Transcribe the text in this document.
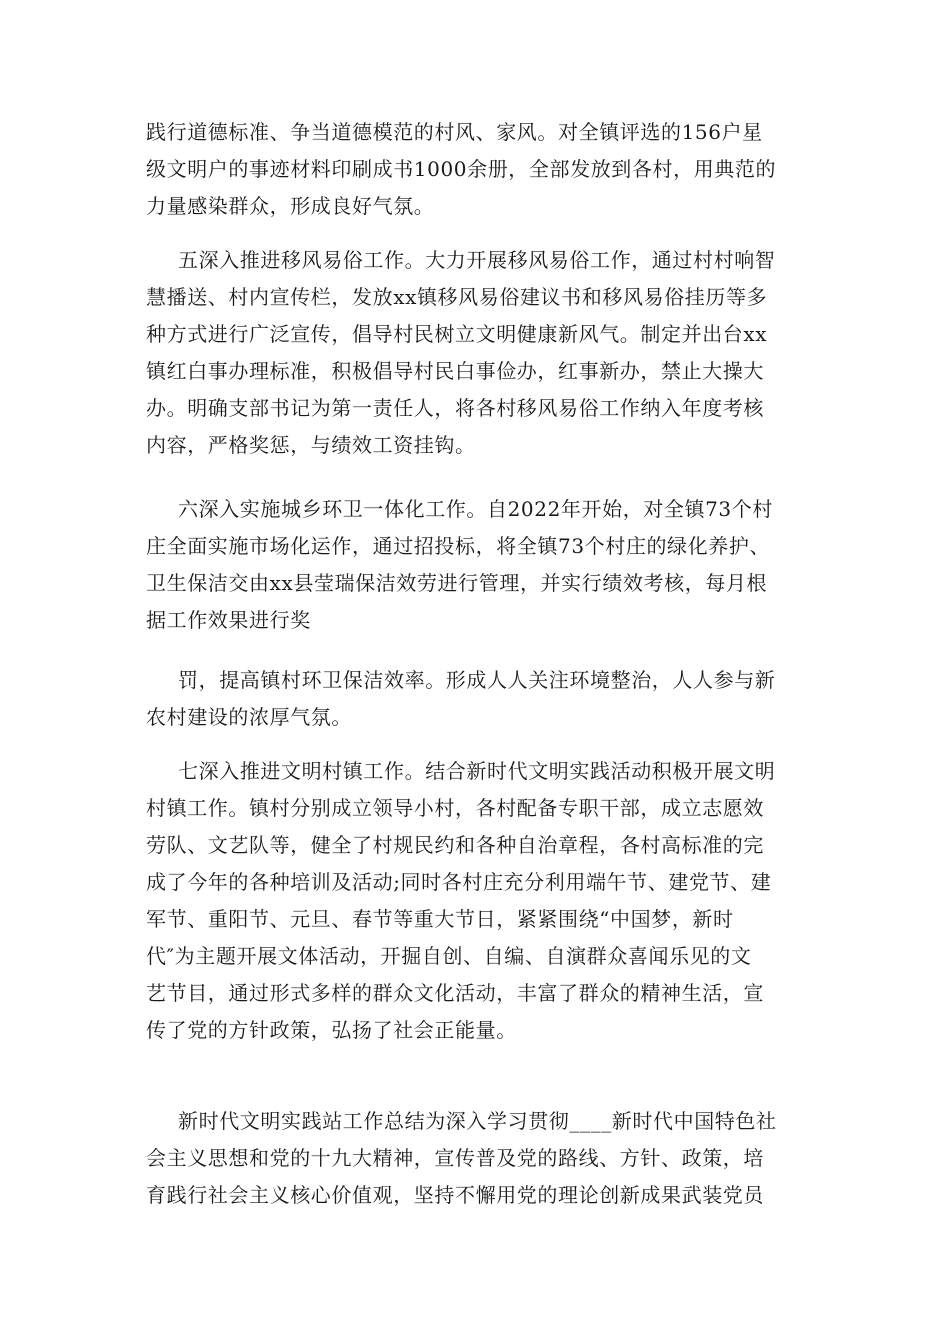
践行道德标准、争当道德模范的村风、家风。对全镇评选的156户星
级文明户的事迹材料印刷成书1000余册，全部发放到各村，用典范的
力量感染群众，形成良好气氛。
五深入推进移风易俗工作。大力开展移风易俗工作，通过村村响智
慧播送、村内宣传栏，发放xx镇移风易俗建议书和移风易俗挂历等多
种方式进行广泛宣传，倡导村民树立文明健康新风气。制定并出台xx
镇红白事办理标准，积极倡导村民白事俭办，红事新办，禁止大操大
办。明确支部书记为第一责任人，将各村移风易俗工作纳入年度考核
内容，严格奖惩，与绩效工资挂钩。
六深入实施城乡环卫一体化工作。自2022年开始，对全镇73个村
庄全面实施市场化运作，通过招投标，将全镇73个村庄的绿化养护、
卫生保洁交由xx县莹瑞保洁效劳进行管理，并实行绩效考核，每月根
据工作效果进行奖
罚，提高镇村环卫保洁效率。形成人人关注环境整治，人人参与新
农村建设的浓厚气氛。
七深入推进文明村镇工作。结合新时代文明实践活动积极开展文明
村镇工作。镇村分别成立领导小村，各村配备专职干部，成立志愿效
劳队、文艺队等，健全了村规民约和各种自治章程，各村高标准的完
成了今年的各种培训及活动;同时各村庄充分利用端午节、建党节、建
军节、重阳节、元旦、春节等重大节日，紧紧围绕“中国梦，新时
代″为主题开展文体活动，开掘自创、自编、自演群众喜闻乐见的文
艺节目，通过形式多样的群众文化活动，丰富了群众的精神生活，宣
传了党的方针政策，弘扬了社会正能量。
新时代文明实践站工作总结为深入学习贯彻____新时代中国特色社
会主义思想和党的十九大精神，宣传普及党的路线、方针、政策，培
育践行社会主义核心价值观，坚持不懈用党的理论创新成果武装党员
